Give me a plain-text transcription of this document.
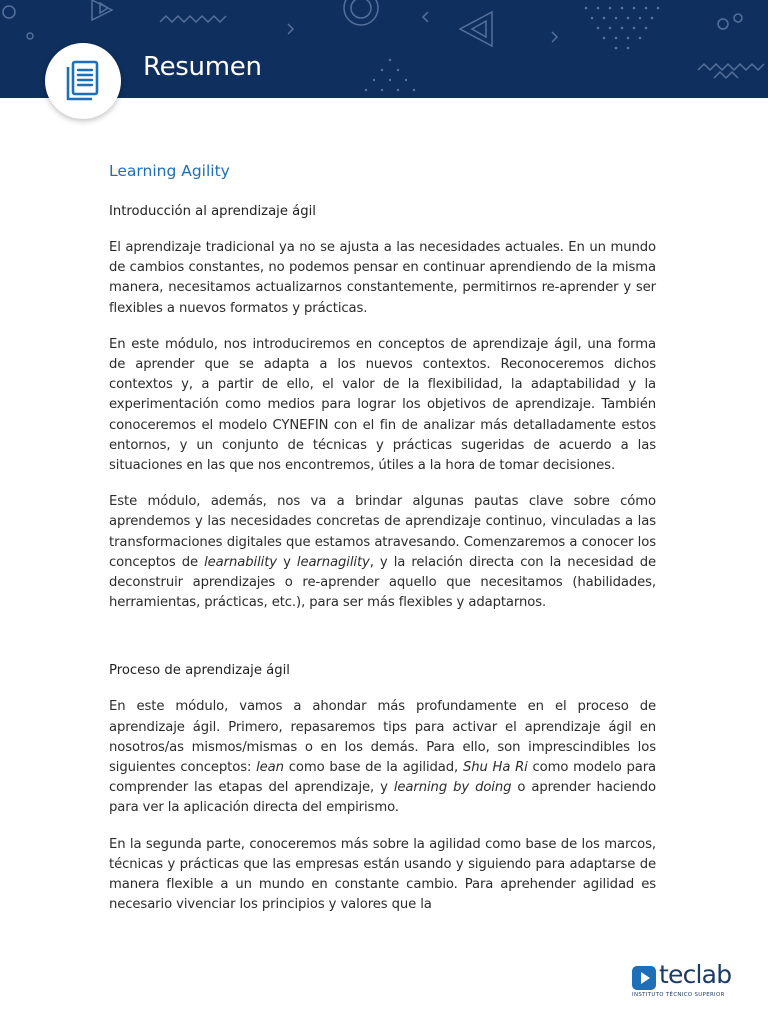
Resumen
Learning Agility
Introducción al aprendizaje ágil

El aprendizaje tradicional ya no se ajusta a las necesidades actuales. En un mundo de cambios constantes, no podemos pensar en continuar aprendiendo de la misma manera, necesitamos actualizarnos constantemente, permitirnos re-aprender y ser flexibles a nuevos formatos y prácticas.

En este módulo, nos introduciremos en conceptos de aprendizaje ágil, una forma de aprender que se adapta a los nuevos contextos. Reconoceremos dichos contextos y, a partir de ello, el valor de la flexibilidad, la adaptabilidad y la experimentación como medios para lograr los objetivos de aprendizaje. También conoceremos el modelo CYNEFIN con el fin de analizar más detalladamente estos entornos, y un conjunto de técnicas y prácticas sugeridas de acuerdo a las situaciones en las que nos encontremos, útiles a la hora de tomar decisiones.

Este módulo, además, nos va a brindar algunas pautas clave sobre cómo aprendemos y las necesidades concretas de aprendizaje continuo, vinculadas a las transformaciones digitales que estamos atravesando. Comenzaremos a conocer los conceptos de learnability y learnagility, y la relación directa con la necesidad de deconstruir aprendizajes o re-aprender aquello que necesitamos (habilidades, herramientas, prácticas, etc.), para ser más flexibles y adaptarnos.

Proceso de aprendizaje ágil

En este módulo, vamos a ahondar más profundamente en el proceso de aprendizaje ágil. Primero, repasaremos tips para activar el aprendizaje ágil en nosotros/as mismos/mismas o en los demás. Para ello, son imprescindibles los siguientes conceptos: lean como base de la agilidad, Shu Ha Ri como modelo para comprender las etapas del aprendizaje, y learning by doing o aprender haciendo para ver la aplicación directa del empirismo.

En la segunda parte, conoceremos más sobre la agilidad como base de los marcos, técnicas y prácticas que las empresas están usando y siguiendo para adaptarse de manera flexible a un mundo en constante cambio. Para aprehender agilidad es necesario vivenciar los principios y valores que la

teclab
INSTITUTO TÉCNICO SUPERIOR
